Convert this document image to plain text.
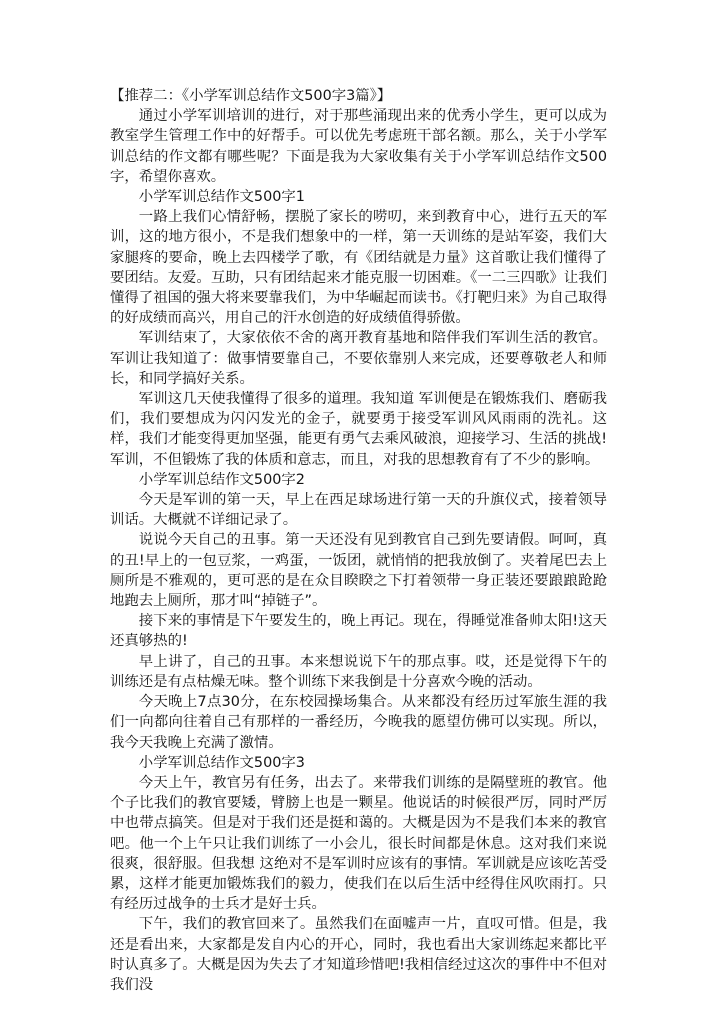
【推荐二：《小学军训总结作文500字3篇》】

通过小学军训培训的进行，对于那些涌现出来的优秀小学生，更可以成为教室学生管理工作中的好帮手。可以优先考虑班干部名额。那么，关于小学军训总结的作文都有哪些呢？下面是我为大家收集有关于小学军训总结作文500字，希望你喜欢。

小学军训总结作文500字1

一路上我们心情舒畅，摆脱了家长的唠叨，来到教育中心，进行五天的军训，这的地方很小，不是我们想象中的一样，第一天训练的是站军姿，我们大家腿疼的要命，晚上去四楼学了歌，有《团结就是力量》这首歌让我们懂得了要团结。友爱。互助，只有团结起来才能克服一切困难。《一二三四歌》让我们懂得了祖国的强大将来要靠我们，为中华崛起而读书。《打靶归来》为自己取得的好成绩而高兴，用自己的汗水创造的好成绩值得骄傲。

军训结束了，大家依依不舍的离开教育基地和陪伴我们军训生活的教官。军训让我知道了：做事情要靠自己，不要依靠别人来完成，还要尊敬老人和师长，和同学搞好关系。

军训这几天使我懂得了很多的道理。我知道 军训便是在锻炼我们、磨砺我们，我们要想成为闪闪发光的金子，就要勇于接受军训风风雨雨的洗礼。这样，我们才能变得更加坚强，能更有勇气去乘风破浪，迎接学习、生活的挑战!军训，不但锻炼了我的体质和意志，而且，对我的思想教育有了不少的影响。

小学军训总结作文500字2

今天是军训的第一天，早上在西足球场进行第一天的升旗仪式，接着领导训话。大概就不详细记录了。

说说今天自己的丑事。第一天还没有见到教官自己到先要请假。呵呵，真的丑!早上的一包豆浆，一鸡蛋，一饭团，就悄悄的把我放倒了。夹着尾巴去上厕所是不雅观的，更可恶的是在众目睽睽之下打着领带一身正装还要踉踉跄跄地跑去上厕所，那才叫“掉链子”。

接下来的事情是下午要发生的，晚上再记。现在，得睡觉准备帅太阳!这天还真够热的!

早上讲了，自己的丑事。本来想说说下午的那点事。哎，还是觉得下午的训练还是有点枯燥无味。整个训练下来我倒是十分喜欢今晚的活动。

今天晚上7点30分，在东校园操场集合。从来都没有经历过军旅生涯的我们一向都向往着自己有那样的一番经历，今晚我的愿望仿佛可以实现。所以，我今天我晚上充满了激情。

小学军训总结作文500字3

今天上午，教官另有任务，出去了。来带我们训练的是隔壁班的教官。他个子比我们的教官要矮，臂膀上也是一颗星。他说话的时候很严厉，同时严厉中也带点搞笑。但是对于我们还是挺和蔼的。大概是因为不是我们本来的教官吧。他一个上午只让我们训练了一小会儿，很长时间都是休息。这对我们来说很爽，很舒服。但我想 这绝对不是军训时应该有的事情。军训就是应该吃苦受累，这样才能更加锻炼我们的毅力，使我们在以后生活中经得住风吹雨打。只有经历过战争的士兵才是好士兵。

下午，我们的教官回来了。虽然我们在面嘘声一片，直叹可惜。但是，我还是看出来，大家都是发自内心的开心，同时，我也看出大家训练起来都比平时认真多了。大概是因为失去了才知道珍惜吧!我相信经过这次的事件中不但对我们没
